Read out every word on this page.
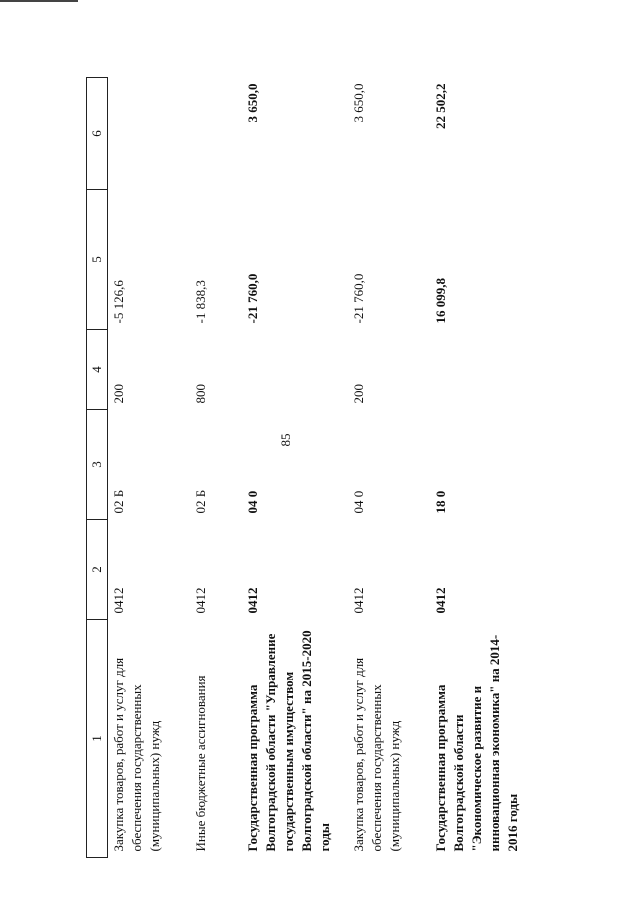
85
1	2	3	4	5	6
Закупка товаров, работ и услуг для обеспечения государственных (муниципальных) нужд	0412	02 Б	200	-5 126,6	
Иные бюджетные ассигнования	0412	02 Б	800	-1 838,3	
Государственная программа Волгоградской области "Управление государственным имуществом Волгоградской области" на 2015-2020 годы	0412	04 0		-21 760,0	3 650,0
Закупка товаров, работ и услуг для обеспечения государственных (муниципальных) нужд	0412	04 0	200	-21 760,0	3 650,0
Государственная программа Волгоградской области "Экономическое развитие и инновационная экономика" на 2014-2016 годы	0412	18 0		16 099,8	22 502,2
